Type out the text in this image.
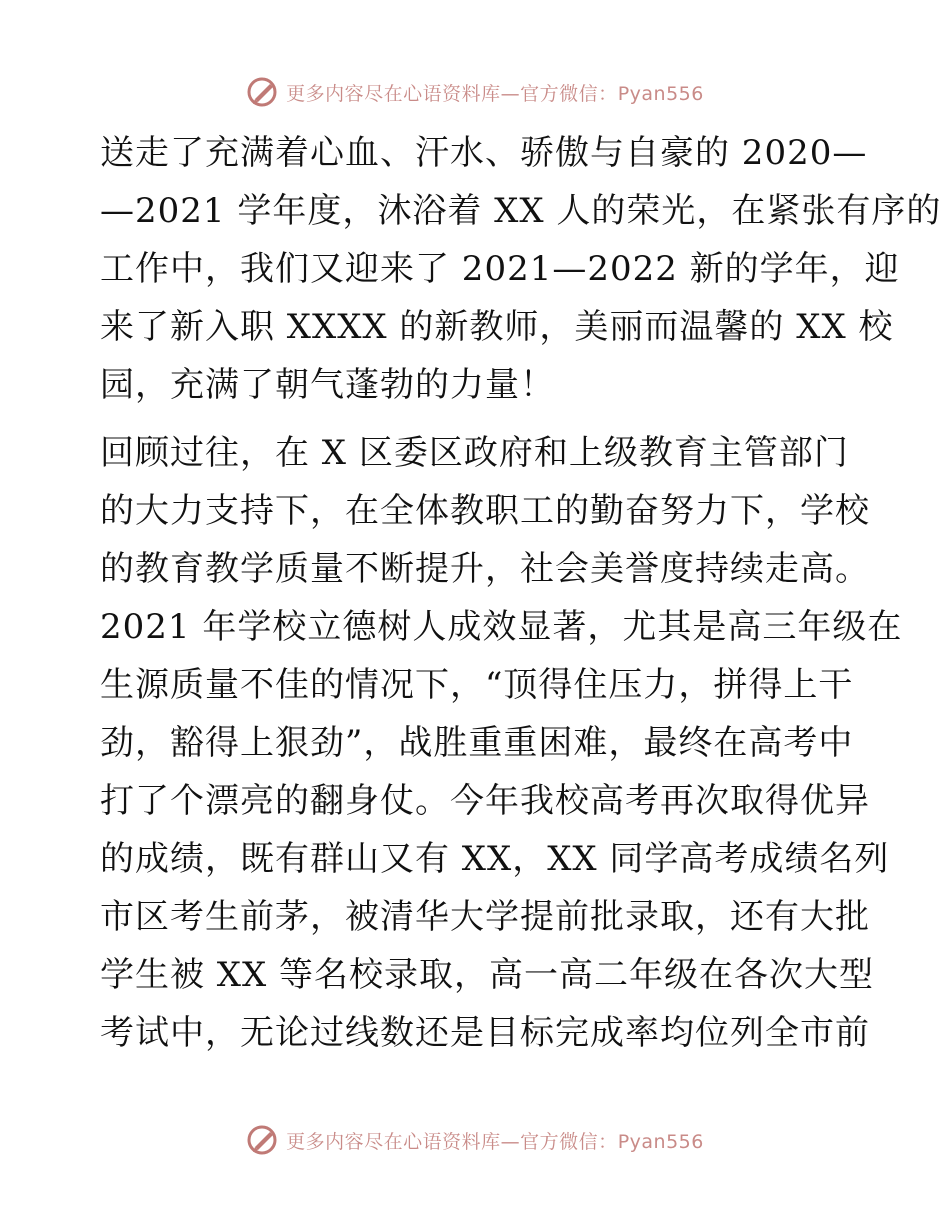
更多内容尽在心语资料库—官方微信：Pyan556

送走了充满着心血、汗水、骄傲与自豪的 2020—
—2021 学年度，沐浴着 XX 人的荣光，在紧张有序的
工作中，我们又迎来了 2021—2022 新的学年，迎
来了新入职 XXXX 的新教师，美丽而温馨的 XX 校
园，充满了朝气蓬勃的力量！

回顾过往，在 X 区委区政府和上级教育主管部门
的大力支持下，在全体教职工的勤奋努力下，学校
的教育教学质量不断提升，社会美誉度持续走高。
2021 年学校立德树人成效显著，尤其是高三年级在
生源质量不佳的情况下，“顶得住压力，拼得上干
劲，豁得上狠劲”，战胜重重困难，最终在高考中
打了个漂亮的翻身仗。今年我校高考再次取得优异
的成绩，既有群山又有 XX，XX 同学高考成绩名列
市区考生前茅，被清华大学提前批录取，还有大批
学生被 XX 等名校录取，高一高二年级在各次大型
考试中，无论过线数还是目标完成率均位列全市前

更多内容尽在心语资料库—官方微信：Pyan556
